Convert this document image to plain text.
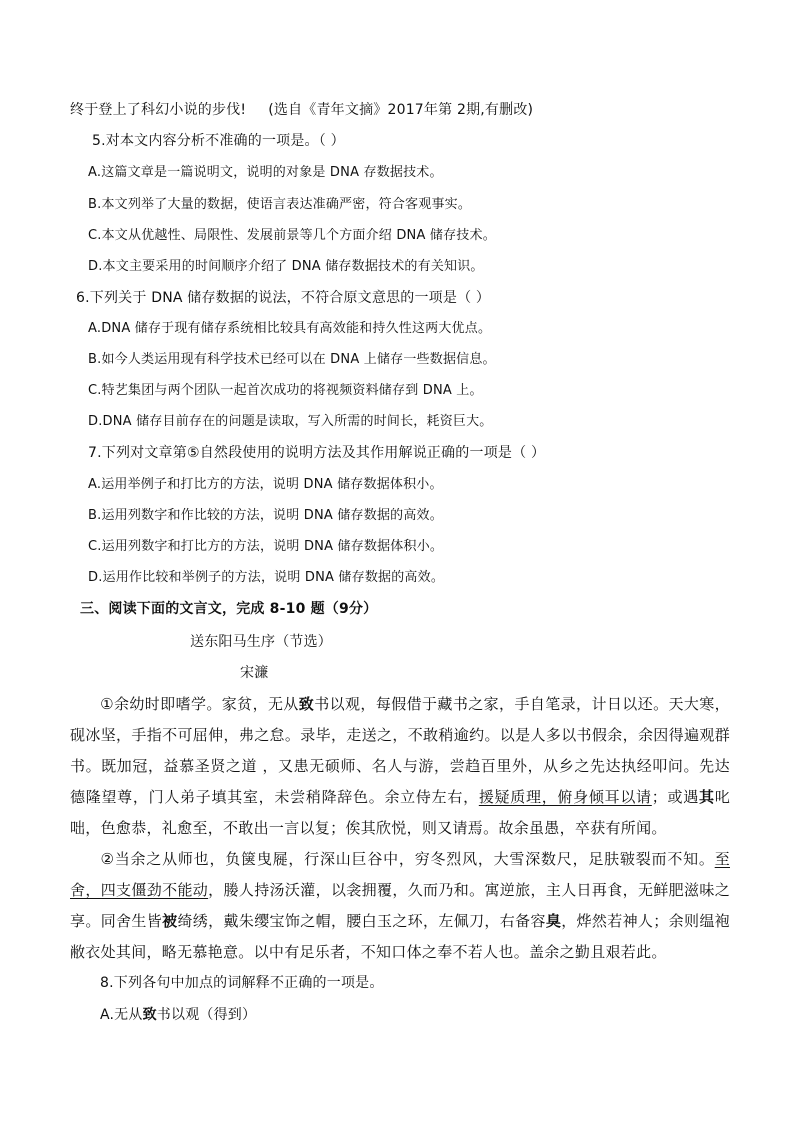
终于登上了科幻小说的步伐! (选自《青年文摘》2017年第 2期,有删改)
5.对本文内容分析不准确的一项是。（ ）
A.这篇文章是一篇说明文，说明的对象是 DNA 存数据技术。
B.本文列举了大量的数据，使语言表达准确严密，符合客观事实。
C.本文从优越性、局限性、发展前景等几个方面介绍 DNA 储存技术。
D.本文主要采用的时间顺序介绍了 DNA 储存数据技术的有关知识。
6.下列关于 DNA 储存数据的说法，不符合原文意思的一项是（ ）
A.DNA 储存于现有储存系统相比较具有高效能和持久性这两大优点。
B.如今人类运用现有科学技术已经可以在 DNA 上储存一些数据信息。
C.特艺集团与两个团队一起首次成功的将视频资料储存到 DNA 上。
D.DNA 储存目前存在的问题是读取，写入所需的时间长，耗资巨大。
7.下列对文章第⑤自然段使用的说明方法及其作用解说正确的一项是（ ）
A.运用举例子和打比方的方法，说明 DNA 储存数据体积小。
B.运用列数字和作比较的方法，说明 DNA 储存数据的高效。
C.运用列数字和打比方的方法，说明 DNA 储存数据体积小。
D.运用作比较和举例子的方法，说明 DNA 储存数据的高效。
三、阅读下面的文言文，完成 8-10 题（9分）
送东阳马生序（节选）
宋濂
①余幼时即嗜学。家贫，无从致书以观，每假借于藏书之家，手自笔录，计日以还。天大寒，砚冰坚，手指不可屈伸，弗之怠。录毕，走送之，不敢稍逾约。以是人多以书假余，余因得遍观群书。既加冠，益慕圣贤之道 ，又患无硕师、名人与游，尝趋百里外，从乡之先达执经叩问。先达德隆望尊，门人弟子填其室，未尝稍降辞色。余立侍左右，援疑质理，俯身倾耳以请；或遇其叱咄，色愈恭，礼愈至，不敢出一言以复；俟其欣悦，则又请焉。故余虽愚，卒获有所闻。
②当余之从师也，负箧曳屣，行深山巨谷中，穷冬烈风，大雪深数尺，足肤皲裂而不知。至舍，四支僵劲不能动，媵人持汤沃灌，以衾拥覆，久而乃和。寓逆旅，主人日再食，无鲜肥滋味之享。同舍生皆被绮绣，戴朱缨宝饰之帽，腰白玉之环，左佩刀，右备容臭，烨然若神人；余则缊袍敝衣处其间，略无慕艳意。以中有足乐者，不知口体之奉不若人也。盖余之勤且艰若此。
8.下列各句中加点的词解释不正确的一项是。
A.无从致书以观（得到）
